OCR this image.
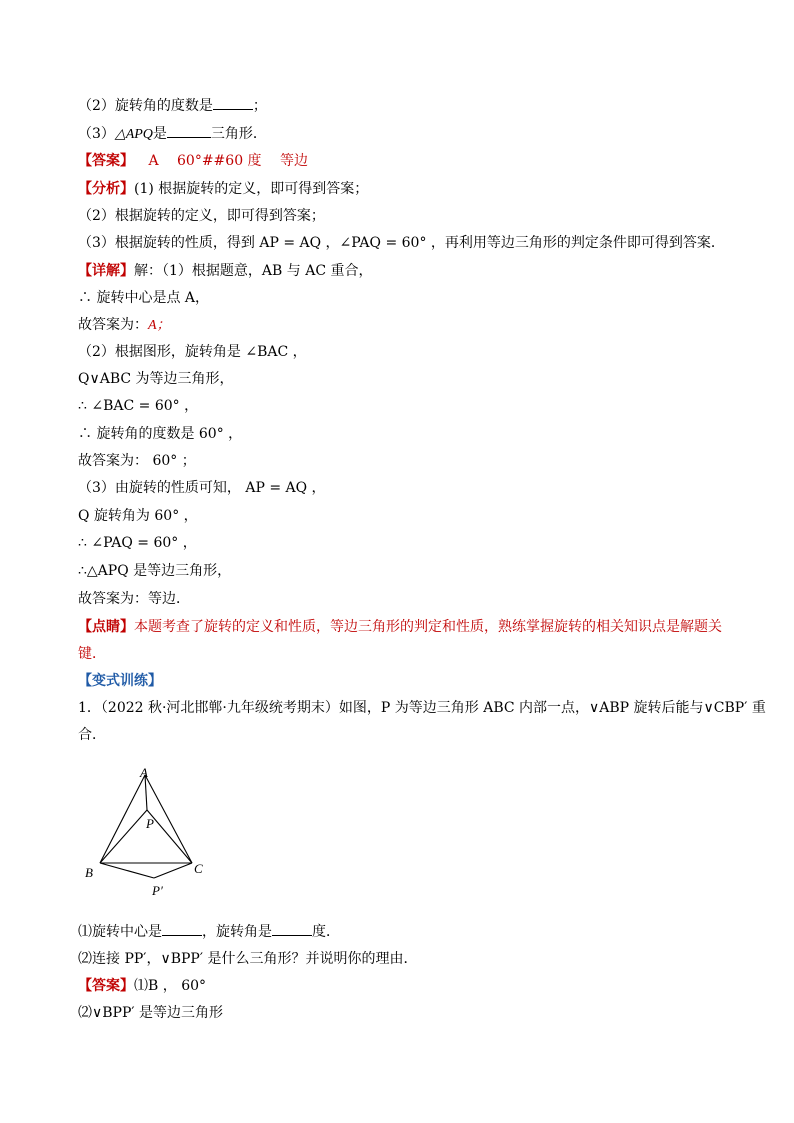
（2）旋转角的度数是	；
（3）△APQ是	三角形．
【答案】 A　 60°##60 度　 等边
【分析】(1) 根据旋转的定义，即可得到答案；
（2）根据旋转的定义，即可得到答案；
（3）根据旋转的性质，得到 AP = AQ ，∠PAQ = 60° ，再利用等边三角形的判定条件即可得到答案．
【详解】解：（1）根据题意，AB 与 AC 重合，
∴ 旋转中心是点 A，
故答案为：A；
（2）根据图形，旋转角是 ∠BAC ，
Q∨ABC 为等边三角形，
∴ ∠BAC = 60° ，
∴ 旋转角的度数是 60° ，
故答案为： 60° ；
（3）由旋转的性质可知， AP = AQ ，
Q 旋转角为 60° ，
∴ ∠PAQ = 60° ，
∴△APQ 是等边三角形，
故答案为：等边．
【点睛】本题考查了旋转的定义和性质，等边三角形的判定和性质，熟练掌握旋转的相关知识点是解题关
键．
【变式训练】
1．（2022 秋·河北邯郸·九年级统考期末）如图，P 为等边三角形 ABC 内部一点，∨ABP 旋转后能与∨CBP′ 重
合．
A
P
B	C
P′
⑴旋转中心是	，旋转角是	度．
⑵连接 PP′，∨BPP′ 是什么三角形？并说明你的理由．
【答案】⑴B ， 60°
⑵∨BPP′ 是等边三角形
